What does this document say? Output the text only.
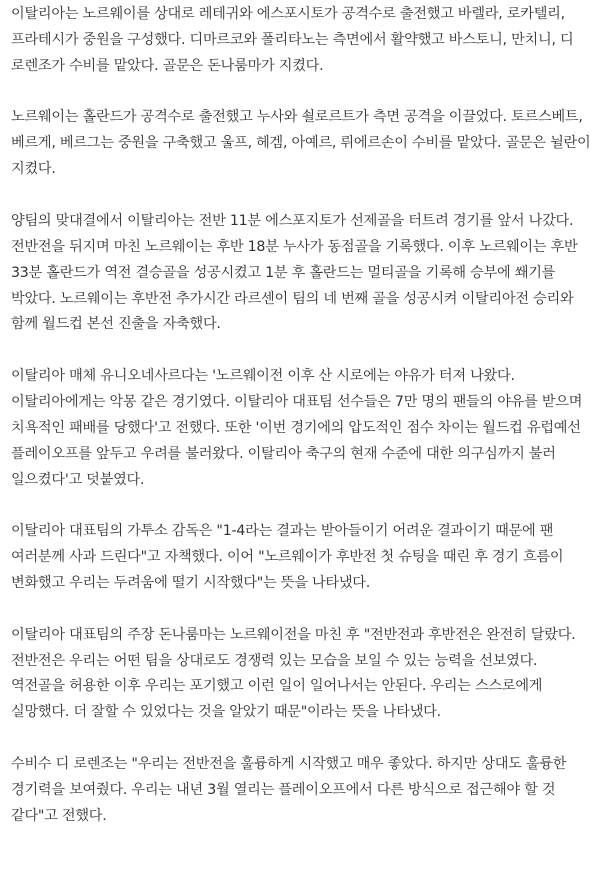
이탈리아는 노르웨이를 상대로 레테귀와 에스포시토가 공격수로 출전했고 바렐라, 로카텔리, 프라테시가 중원을 구성했다. 디마르코와 폴리타노는 측면에서 활약했고 바스토니, 만치니, 디 로렌조가 수비를 맡았다. 골문은 돈나룸마가 지켰다.

노르웨이는 홀란드가 공격수로 출전했고 누사와 쇨로르트가 측면 공격을 이끌었다. 토르스베트, 베르게, 베르그는 중원을 구축했고 울프, 헤겜, 아예르, 뤼에르손이 수비를 맡았다. 골문은 뉠란이 지켰다.

양팀의 맞대결에서 이탈리아는 전반 11분 에스포지토가 선제골을 터트려 경기를 앞서 나갔다. 전반전을 뒤지며 마친 노르웨이는 후반 18분 누사가 동점골을 기록했다. 이후 노르웨이는 후반 33분 홀란드가 역전 결승골을 성공시켰고 1분 후 홀란드는 멀티골을 기록해 승부에 쐐기를 박았다. 노르웨이는 후반전 추가시간 라르센이 팀의 네 번째 골을 성공시켜 이탈리아전 승리와 함께 월드컵 본선 진출을 자축했다.

이탈리아 매체 유니오네사르다는 '노르웨이전 이후 산 시로에는 야유가 터져 나왔다. 이탈리아에게는 악몽 같은 경기였다. 이탈리아 대표팀 선수들은 7만 명의 팬들의 야유를 받으며 치욕적인 패배를 당했다'고 전했다. 또한 '이번 경기에의 압도적인 점수 차이는 월드컵 유럽예선 플레이오프를 앞두고 우려를 불러왔다. 이탈리아 축구의 현재 수준에 대한 의구심까지 불러 일으켰다'고 덧붙였다.

이탈리아 대표팀의 가투소 감독은 "1-4라는 결과는 받아들이기 어려운 결과이기 때문에 팬 여러분께 사과 드린다"고 자책했다. 이어 "노르웨이가 후반전 첫 슈팅을 때린 후 경기 흐름이 변화했고 우리는 두려움에 떨기 시작했다"는 뜻을 나타냈다.

이탈리아 대표팀의 주장 돈나룸마는 노르웨이전을 마친 후 "전반전과 후반전은 완전히 달랐다. 전반전은 우리는 어떤 팀을 상대로도 경쟁력 있는 모습을 보일 수 있는 능력을 선보였다. 역전골을 허용한 이후 우리는 포기했고 이런 일이 일어나서는 안된다. 우리는 스스로에게 실망했다. 더 잘할 수 있었다는 것을 알았기 때문"이라는 뜻을 나타냈다.

수비수 디 로렌조는 "우리는 전반전을 훌륭하게 시작했고 매우 좋았다. 하지만 상대도 훌륭한 경기력을 보여줬다. 우리는 내년 3월 열리는 플레이오프에서 다른 방식으로 접근해야 할 것 같다"고 전했다.
